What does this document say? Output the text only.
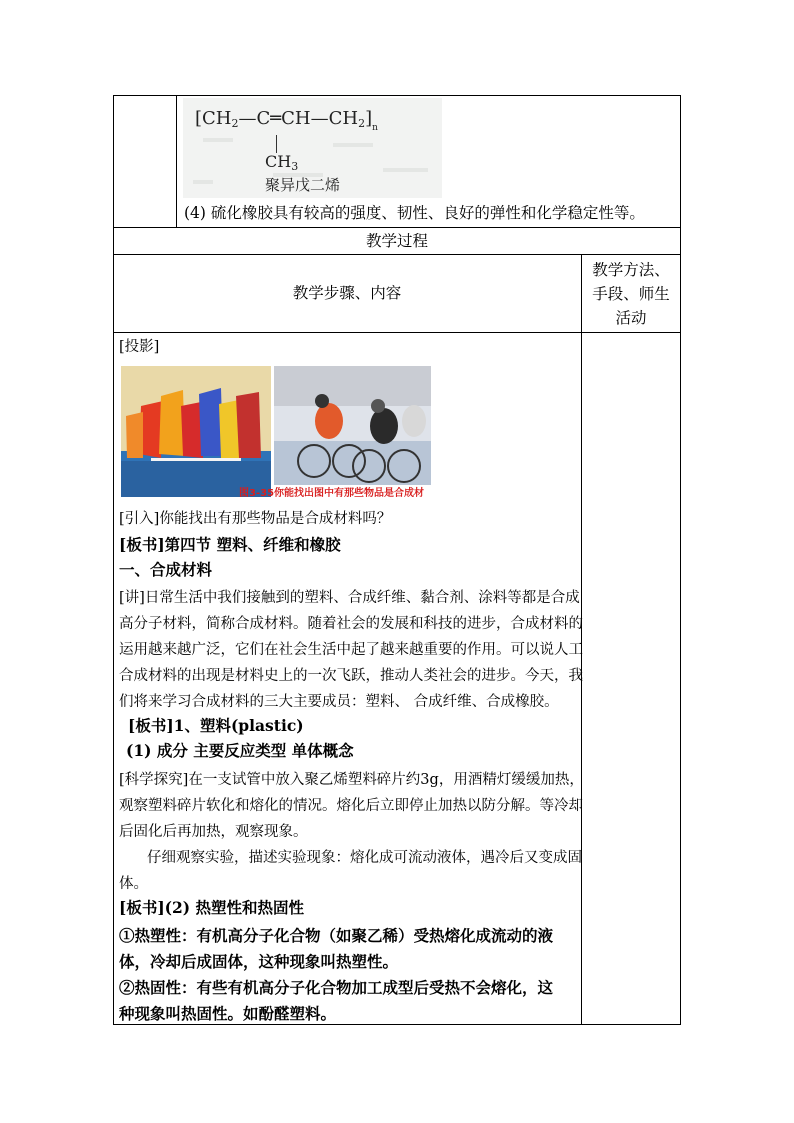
$[CH2—C═CH—CH2]_n$
CH3
聚异戊二烯
(4) 硫化橡胶具有较高的强度、韧性、良好的弹性和化学稳定性等。
教学过程
教学步骤、内容
教学方法、
手段、师生
活动
[投影]
图3-35你能找出图中有那些物品是合成材
[引入]你能找出有那些物品是合成材料吗？
[板书]第四节 塑料、纤维和橡胶
一、合成材料
[讲]日常生活中我们接触到的塑料、合成纤维、黏合剂、涂料等都是合成
高分子材料，简称合成材料。随着社会的发展和科技的进步，合成材料的
运用越来越广泛，它们在社会生活中起了越来越重要的作用。可以说人工
合成材料的出现是材料史上的一次飞跃，推动人类社会的进步。今天，我
们将来学习合成材料的三大主要成员：塑料、 合成纤维、合成橡胶。
[板书]1、塑料(plastic)
(1) 成分 主要反应类型 单体概念
[科学探究]在一支试管中放入聚乙烯塑料碎片约3g，用酒精灯缓缓加热，
观察塑料碎片软化和熔化的情况。熔化后立即停止加热以防分解。等冷却
后固化后再加热，观察现象。
仔细观察实验，描述实验现象：熔化成可流动液体，遇冷后又变成固
体。
[板书](2) 热塑性和热固性
①热塑性：有机高分子化合物（如聚乙稀）受热熔化成流动的液
体，冷却后成固体，这种现象叫热塑性。
②热固性：有些有机高分子化合物加工成型后受热不会熔化，这
种现象叫热固性。如酚醛塑料。
